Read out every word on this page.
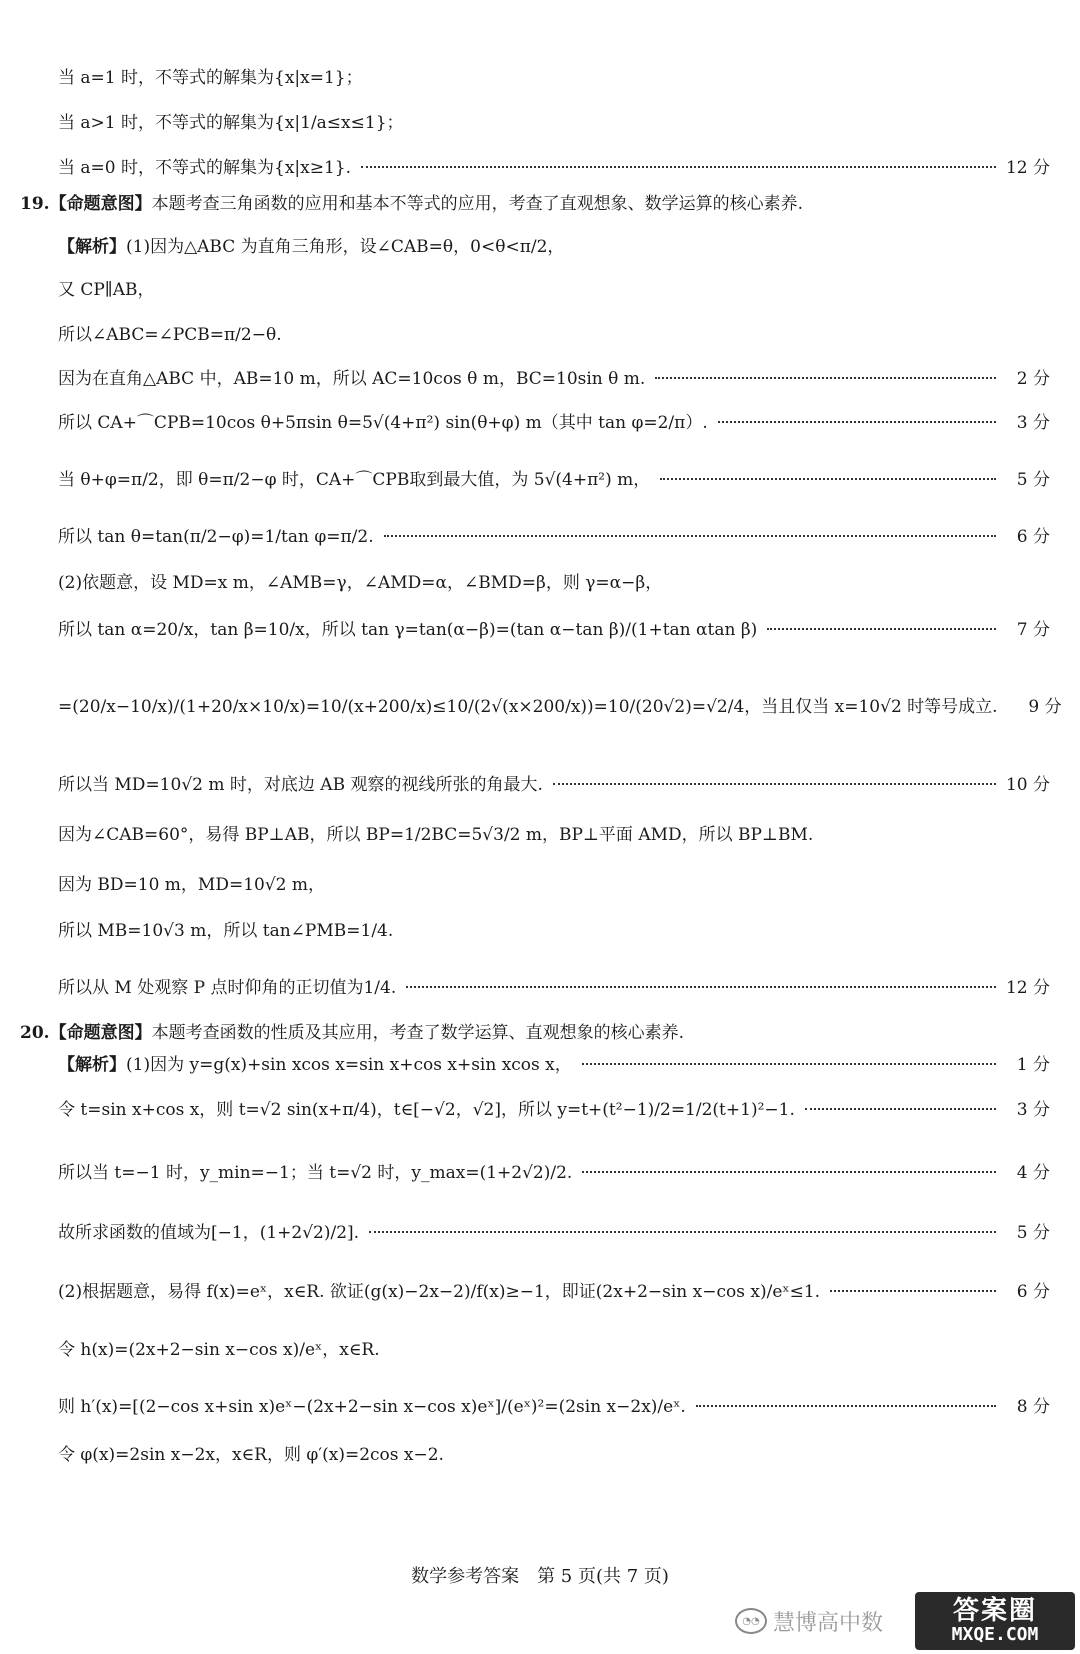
当 a=1 时，不等式的解集为{x|x=1}；
当 a>1 时，不等式的解集为{x|1/a≤x≤1}；
当 a=0 时，不等式的解集为{x|x≥1}.	12 分
19.【命题意图】 本题考查三角函数的应用和基本不等式的应用，考查了直观想象、数学运算的核心素养.
【解析】 (1)因为△ABC 为直角三角形，设∠CAB=θ，0<θ<π/2，
又 CP∥AB，
所以∠ABC=∠PCB=π/2−θ.
因为在直角△ABC 中，AB=10 m，所以 AC=10cos θ m，BC=10sin θ m.	2 分
所以 CA+⌒CPB=10cos θ+5πsin θ=5√(4+π²) sin(θ+φ) m（其中 tan φ=2/π）.	3 分
当 θ+φ=π/2，即 θ=π/2−φ 时，CA+⌒CPB取到最大值，为 5√(4+π²) m，	5 分
所以 tan θ=tan(π/2−φ)=1/tan φ=π/2.	6 分
(2)依题意，设 MD=x m，∠AMB=γ，∠AMD=α，∠BMD=β，则 γ=α−β，
所以 tan α=20/x，tan β=10/x，所以 tan γ=tan(α−β)=(tan α−tan β)/(1+tan αtan β)	7 分
=(20/x−10/x)/(1+20/x×10/x)=10/(x+200/x)≤10/(2√(x×200/x))=10/(20√2)=√2/4，当且仅当 x=10√2 时等号成立.	9 分
所以当 MD=10√2 m 时，对底边 AB 观察的视线所张的角最大.	10 分
因为∠CAB=60°，易得 BP⊥AB，所以 BP=1/2BC=5√3/2 m，BP⊥平面 AMD，所以 BP⊥BM.
因为 BD=10 m，MD=10√2 m，
所以 MB=10√3 m，所以 tan∠PMB=1/4.
所以从 M 处观察 P 点时仰角的正切值为1/4.	12 分
20.【命题意图】 本题考查函数的性质及其应用，考查了数学运算、直观想象的核心素养.
【解析】 (1)因为 y=g(x)+sin xcos x=sin x+cos x+sin xcos x，	1 分
令 t=sin x+cos x，则 t=√2 sin(x+π/4)，t∈[−√2，√2]，所以 y=t+(t²−1)/2=1/2(t+1)²−1.	3 分
所以当 t=−1 时，y_min=−1；当 t=√2 时，y_max=(1+2√2)/2.	4 分
故所求函数的值域为[−1，(1+2√2)/2].	5 分
(2)根据题意，易得 f(x)=eˣ，x∈R. 欲证(g(x)−2x−2)/f(x)≥−1，即证(2x+2−sin x−cos x)/eˣ≤1.	6 分
令 h(x)=(2x+2−sin x−cos x)/eˣ，x∈R.
则 h′(x)=[(2−cos x+sin x)eˣ−(2x+2−sin x−cos x)eˣ]/(eˣ)²=(2sin x−2x)/eˣ.	8 分
令 φ(x)=2sin x−2x，x∈R，则 φ′(x)=2cos x−2.
数学参考答案　第 5 页(共 7 页)
◔◔ 慧博高中数	答案圈
MXQE.COM
